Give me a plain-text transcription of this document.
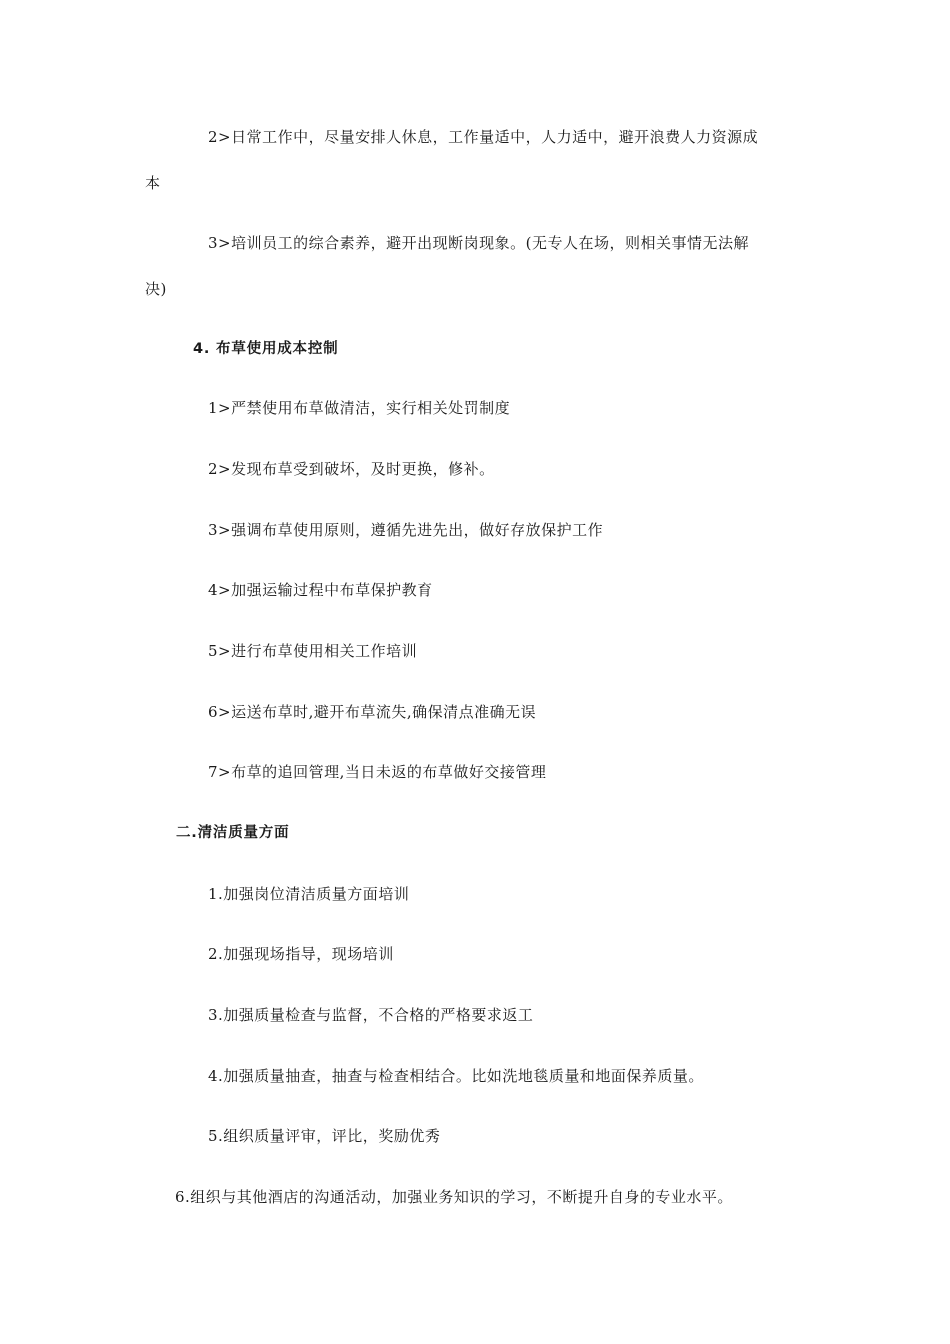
2>日常工作中，尽量安排人休息，工作量适中，人力适中，避开浪费人力资源成
本
3>培训员工的综合素养，避开出现断岗现象。(无专人在场，则相关事情无法解
决)
4. 布草使用成本控制
1>严禁使用布草做清洁，实行相关处罚制度
2>发现布草受到破坏，及时更换，修补。
3>强调布草使用原则，遵循先进先出，做好存放保护工作
4>加强运输过程中布草保护教育
5>进行布草使用相关工作培训
6>运送布草时,避开布草流失,确保清点准确无误
7>布草的追回管理,当日未返的布草做好交接管理
二.清洁质量方面
1.加强岗位清洁质量方面培训
2.加强现场指导，现场培训
3.加强质量检查与监督，不合格的严格要求返工
4.加强质量抽查，抽查与检查相结合。比如洗地毯质量和地面保养质量。
5.组织质量评审，评比，奖励优秀
6.组织与其他酒店的沟通活动，加强业务知识的学习，不断提升自身的专业水平。
